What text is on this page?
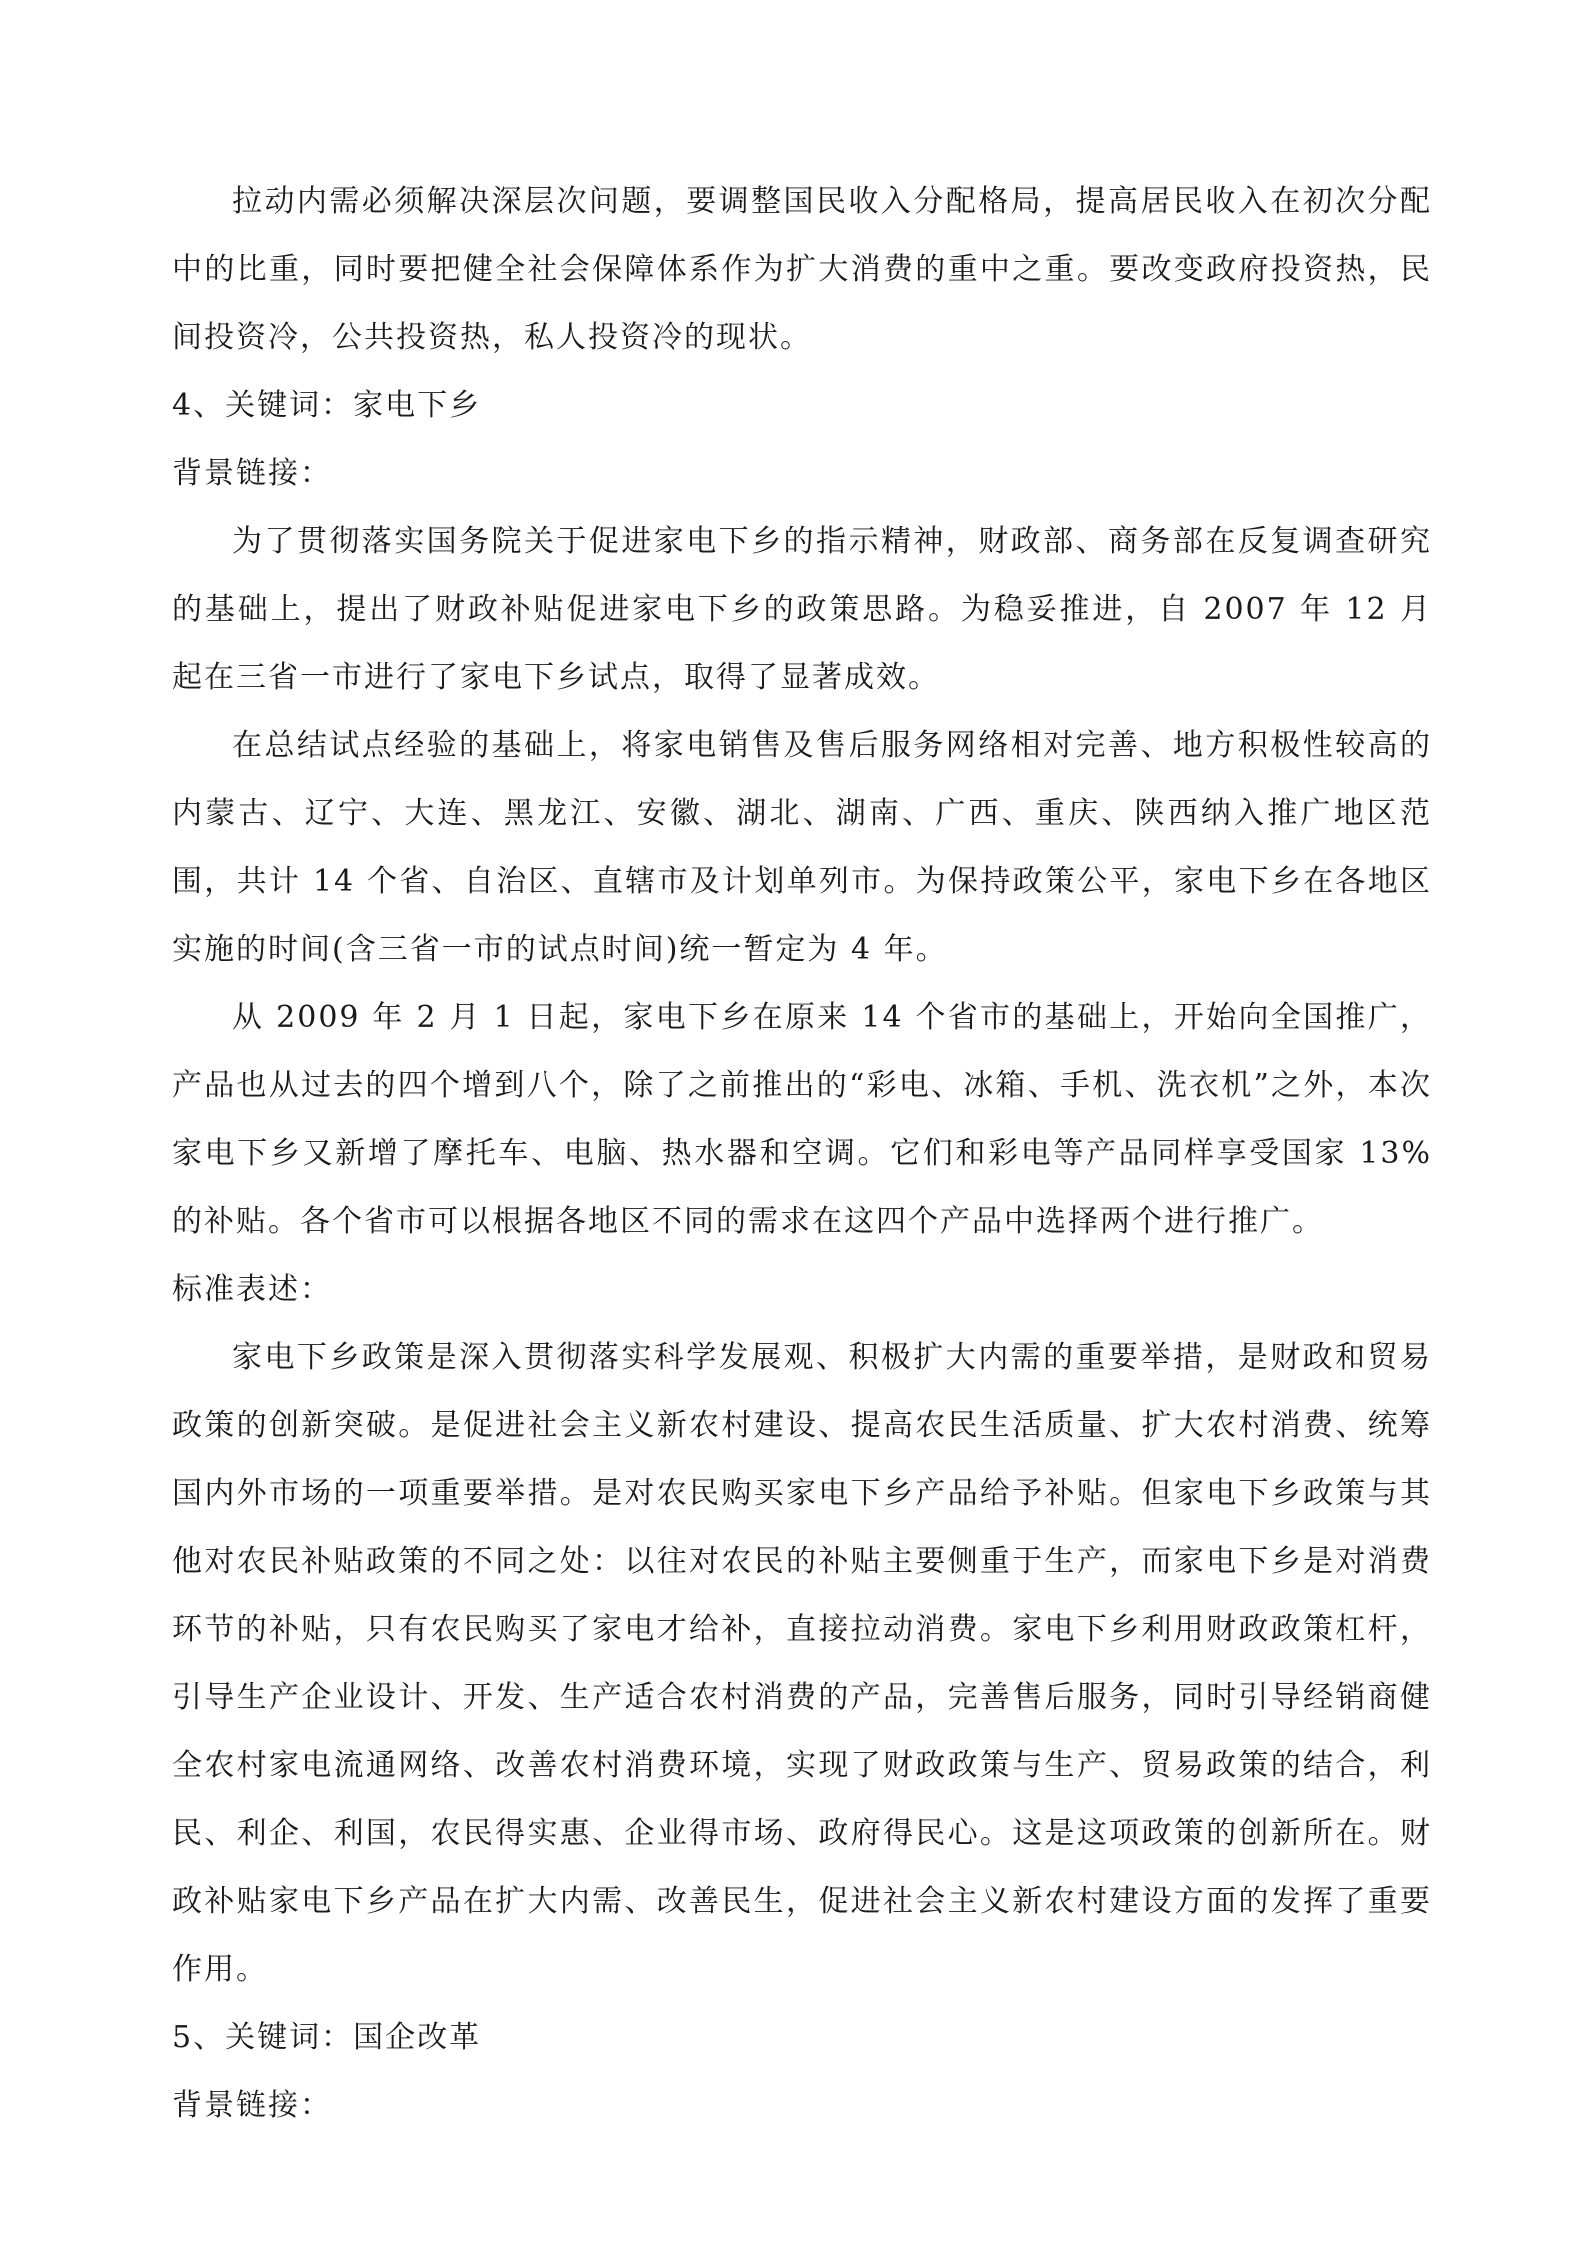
拉动内需必须解决深层次问题，要调整国民收入分配格局，提高居民收入在初次分配中的比重，同时要把健全社会保障体系作为扩大消费的重中之重。要改变政府投资热，民间投资冷，公共投资热，私人投资冷的现状。

4、关键词：家电下乡

背景链接：

为了贯彻落实国务院关于促进家电下乡的指示精神，财政部、商务部在反复调查研究的基础上，提出了财政补贴促进家电下乡的政策思路。为稳妥推进，自 2007 年 12 月起在三省一市进行了家电下乡试点，取得了显著成效。

在总结试点经验的基础上，将家电销售及售后服务网络相对完善、地方积极性较高的内蒙古、辽宁、大连、黑龙江、安徽、湖北、湖南、广西、重庆、陕西纳入推广地区范围，共计 14 个省、自治区、直辖市及计划单列市。为保持政策公平，家电下乡在各地区实施的时间(含三省一市的试点时间)统一暂定为 4 年。

从 2009 年 2 月 1 日起，家电下乡在原来 14 个省市的基础上，开始向全国推广，产品也从过去的四个增到八个，除了之前推出的“彩电、冰箱、手机、洗衣机”之外，本次家电下乡又新增了摩托车、电脑、热水器和空调。它们和彩电等产品同样享受国家 13%的补贴。各个省市可以根据各地区不同的需求在这四个产品中选择两个进行推广。

标准表述：

家电下乡政策是深入贯彻落实科学发展观、积极扩大内需的重要举措，是财政和贸易政策的创新突破。是促进社会主义新农村建设、提高农民生活质量、扩大农村消费、统筹国内外市场的一项重要举措。是对农民购买家电下乡产品给予补贴。但家电下乡政策与其他对农民补贴政策的不同之处：以往对农民的补贴主要侧重于生产，而家电下乡是对消费环节的补贴，只有农民购买了家电才给补，直接拉动消费。家电下乡利用财政政策杠杆，引导生产企业设计、开发、生产适合农村消费的产品，完善售后服务，同时引导经销商健全农村家电流通网络、改善农村消费环境，实现了财政政策与生产、贸易政策的结合，利民、利企、利国，农民得实惠、企业得市场、政府得民心。这是这项政策的创新所在。财政补贴家电下乡产品在扩大内需、改善民生，促进社会主义新农村建设方面的发挥了重要作用。

5、关键词：国企改革

背景链接：
